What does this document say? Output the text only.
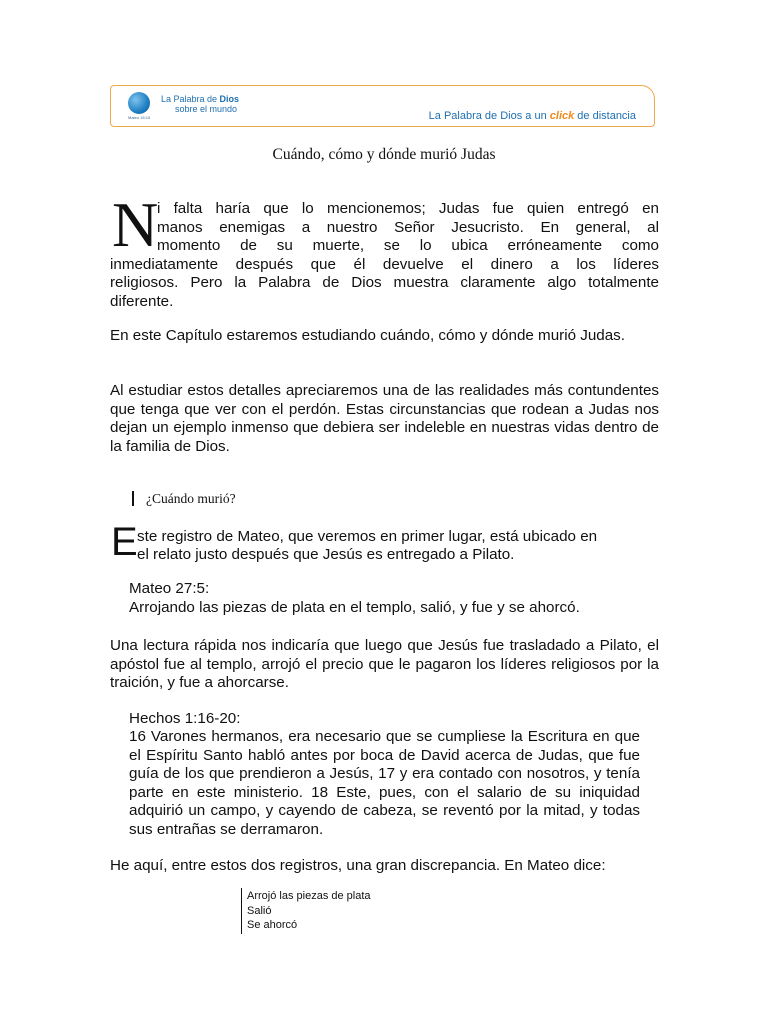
Mateo 16:15
La Palabra de Dios
sobre el mundo
La Palabra de Dios a un click de distancia
Cuándo, cómo y dónde murió Judas
N
i falta haría que lo mencionemos; Judas fue quien entregó en
manos enemigas a nuestro Señor Jesucristo. En general, al
momento de su muerte, se lo ubica erróneamente como
inmediatamente después que él devuelve el dinero a los líderes
religiosos. Pero la Palabra de Dios muestra claramente algo totalmente
diferente.
En este Capítulo estaremos estudiando cuándo, cómo y dónde murió Judas.
Al estudiar estos detalles apreciaremos una de las realidades más contundentes que tenga que ver con el perdón. Estas circunstancias que rodean a Judas nos dejan un ejemplo inmenso que debiera ser indeleble en nuestras vidas dentro de la familia de Dios.
¿Cuándo murió?
E ste registro de Mateo, que veremos en primer lugar, está ubicado en
el relato justo después que Jesús es entregado a Pilato.
Mateo 27:5:
Arrojando las piezas de plata en el templo, salió, y fue y se ahorcó.
Una lectura rápida nos indicaría que luego que Jesús fue trasladado a Pilato, el apóstol fue al templo, arrojó el precio que le pagaron los líderes religiosos por la traición, y fue a ahorcarse.
Hechos 1:16-20:
16 Varones hermanos, era necesario que se cumpliese la Escritura en que el Espíritu Santo habló antes por boca de David acerca de Judas, que fue guía de los que prendieron a Jesús, 17 y era contado con nosotros, y tenía parte en este ministerio. 18 Este, pues, con el salario de su iniquidad adquirió un campo, y cayendo de cabeza, se reventó por la mitad, y todas sus entrañas se derramaron.
He aquí, entre estos dos registros, una gran discrepancia. En Mateo dice:
Arrojó las piezas de plata
Salió
Se ahorcó
